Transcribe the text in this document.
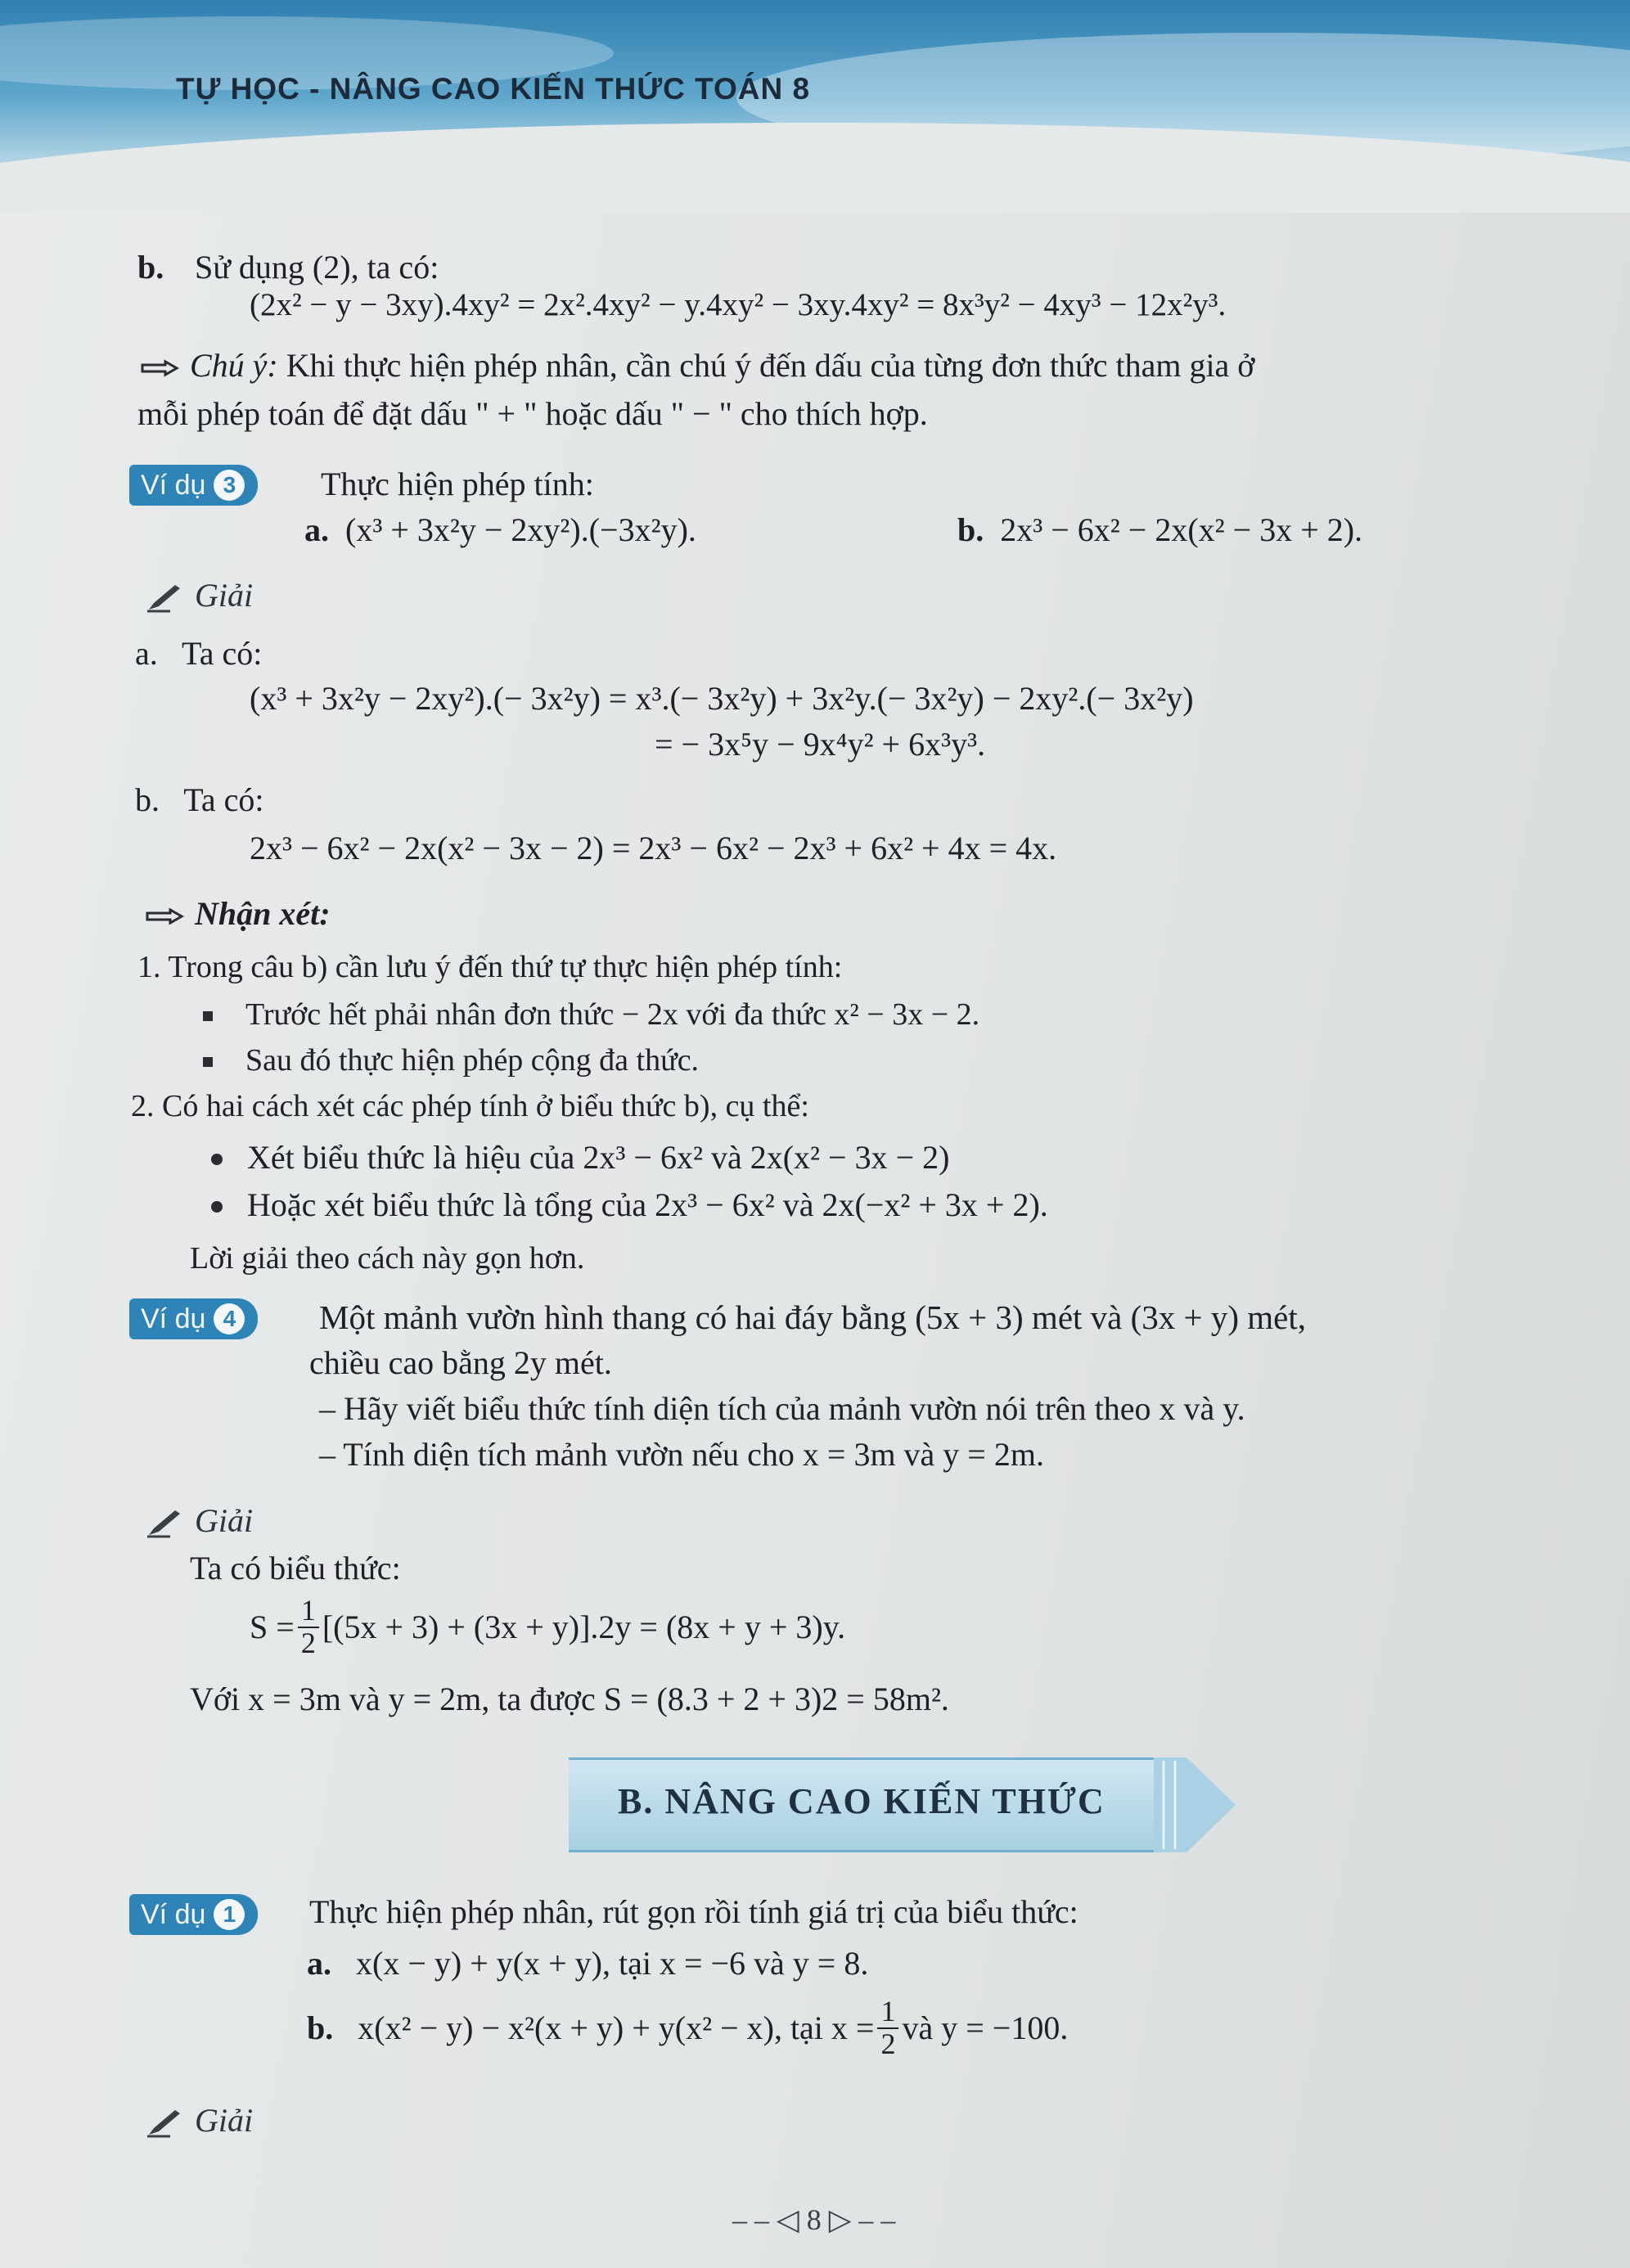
TỰ HỌC - NÂNG CAO KIẾN THỨC TOÁN 8
b. Sử dụng (2), ta có:
(2x² − y − 3xy).4xy² = 2x².4xy² − y.4xy² − 3xy.4xy² = 8x³y² − 4xy³ − 12x²y³.
Chú ý: Khi thực hiện phép nhân, cần chú ý đến dấu của từng đơn thức tham gia ở
mỗi phép toán để đặt dấu " + " hoặc dấu " − " cho thích hợp.
Ví dụ 3	Thực hiện phép tính:
a. (x³ + 3x²y − 2xy²).(−3x²y).	b. 2x³ − 6x² − 2x(x² − 3x + 2).
Giải
a. Ta có:
(x³ + 3x²y − 2xy²).(− 3x²y) = x³.(− 3x²y) + 3x²y.(− 3x²y) − 2xy².(− 3x²y)
= − 3x⁵y − 9x⁴y² + 6x³y³.
b. Ta có:
2x³ − 6x² − 2x(x² − 3x − 2) = 2x³ − 6x² − 2x³ + 6x² + 4x = 4x.
Nhận xét:
1. Trong câu b) cần lưu ý đến thứ tự thực hiện phép tính:
Trước hết phải nhân đơn thức − 2x với đa thức x² − 3x − 2.
Sau đó thực hiện phép cộng đa thức.
2. Có hai cách xét các phép tính ở biểu thức b), cụ thể:
Xét biểu thức là hiệu của 2x³ − 6x² và 2x(x² − 3x − 2)
Hoặc xét biểu thức là tổng của 2x³ − 6x² và 2x(−x² + 3x + 2).
Lời giải theo cách này gọn hơn.
Ví dụ 4 Một mảnh vườn hình thang có hai đáy bằng (5x + 3) mét và (3x + y) mét,
chiều cao bằng 2y mét.
– Hãy viết biểu thức tính diện tích của mảnh vườn nói trên theo x và y.
– Tính diện tích mảnh vườn nếu cho x = 3m và y = 2m.
Giải
Ta có biểu thức:
$S = \frac{1}{2} [(5x + 3) + (3x + y)].2y = (8x + y + 3)y$.
Với x = 3m và y = 2m, ta được S = (8.3 + 2 + 3)2 = 58m².
B. NÂNG CAO KIẾN THỨC
Ví dụ 1 Thực hiện phép nhân, rút gọn rồi tính giá trị của biểu thức:
a. x(x − y) + y(x + y), tại x = −6 và y = 8.
b.
x(x² − y) − x²(x + y) + y(x² − x), tại $x = \frac{1}{2}$ và y = −100.
Giải
– – ◁ 8 ▷ – –
